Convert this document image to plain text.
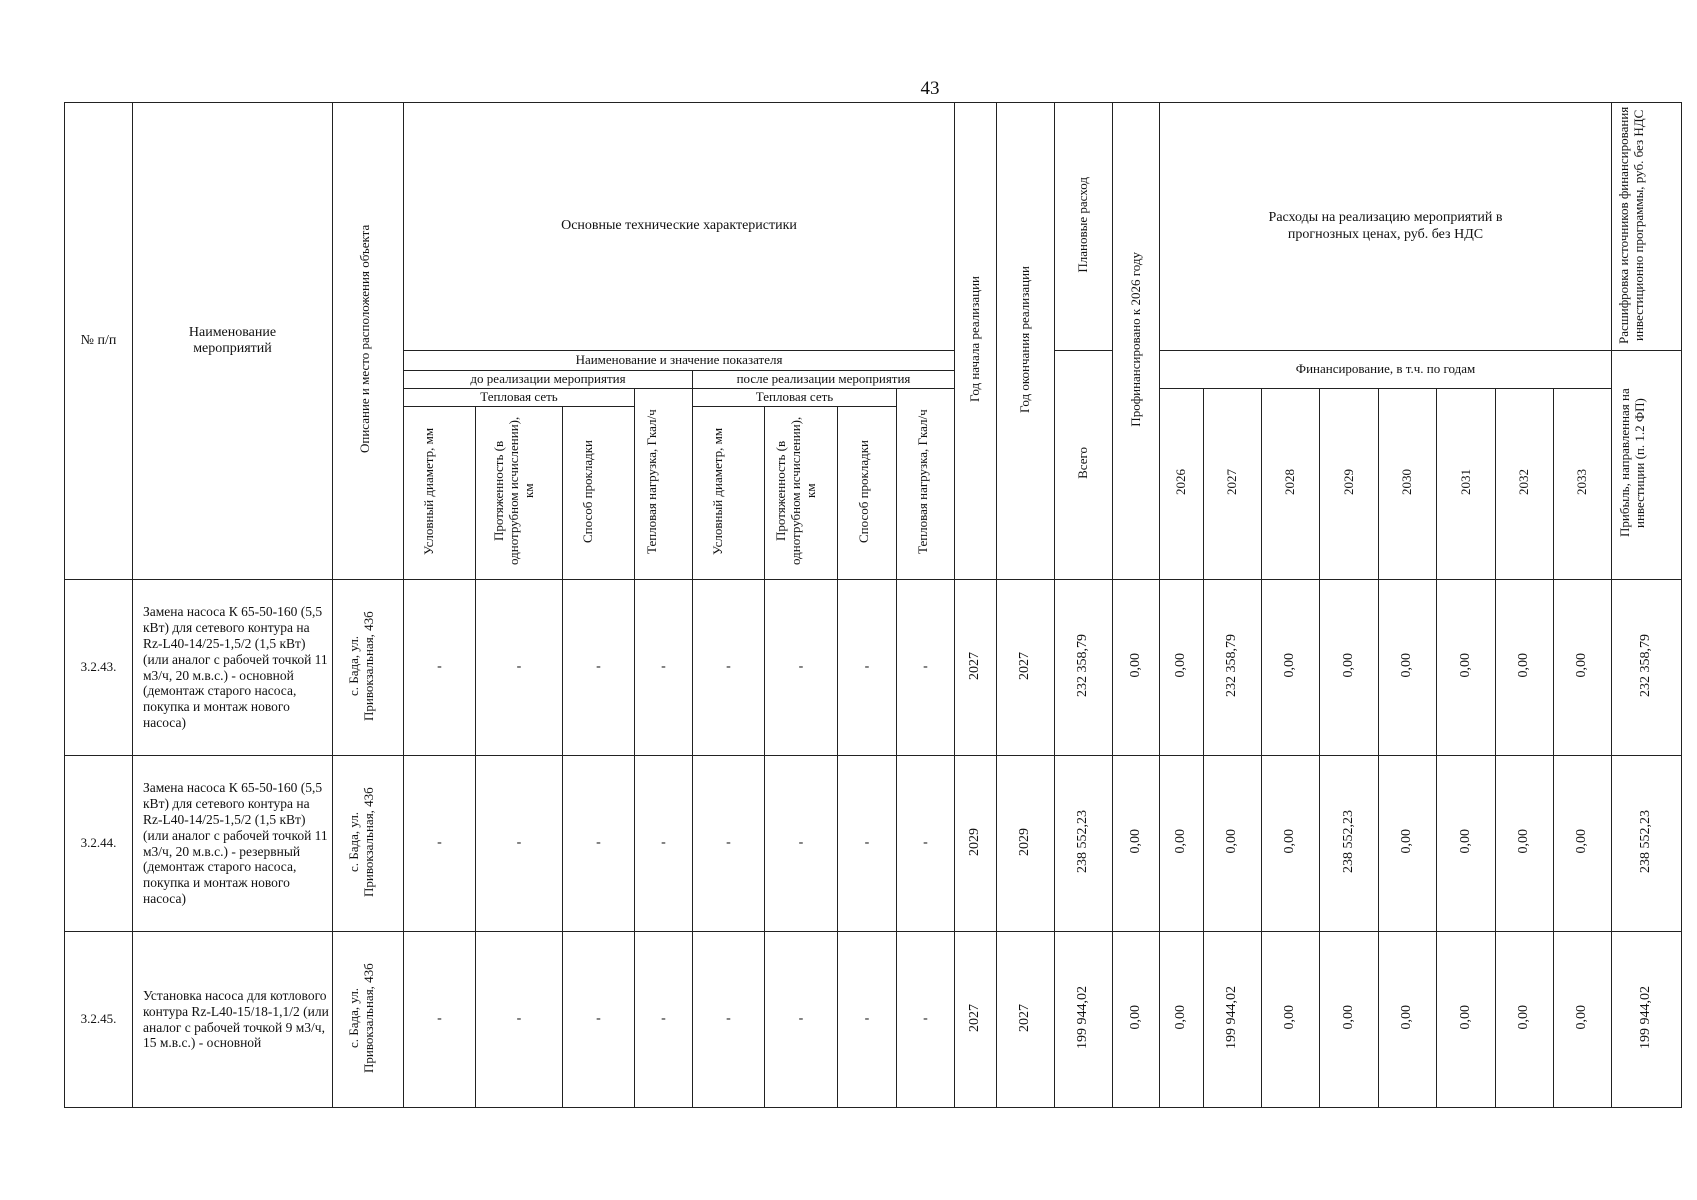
43
№ п/п	Наименование мероприятий	Описание и место расположения объекта	Основные технические характеристики								Год начала реализации	Год окончания реализации	Плановые расход	Профинансировано к 2026 году	Расходы на реализацию мероприятий в прогнозных ценах, руб. без НДС								Расшифровка источников финансирования инвестиционно программы, руб. без НДС
			Наименование и значение показателя										Всего		Финансирование, в т.ч. по годам								Прибыль, направленная на инвестиции (п. 1.2 ФП)
			до реализации мероприятия				после реализации мероприятия																
			Тепловая сеть			Тепловая нагрузка, Гкал/ч	Тепловая сеть			Тепловая нагрузка, Гкал/ч					2026	2027	2028	2029	2030	2031	2032	2033	
			Условный диаметр, мм	Протяженность (в однотрубном исчислении), км	Способ прокладки		Условный диаметр, мм	Протяженность (в однотрубном исчислении), км	Способ прокладки														
3.2.43.	Замена насоса К 65-50-160 (5,5 кВт) для сетевого контура на Rz-L40-14/25-1,5/2 (1,5 кВт) (или аналог с рабочей точкой 11 м3/ч, 20 м.в.с.) - основной (демонтаж старого насоса, покупка и монтаж нового насоса)	с. Бада, ул. Привокзальная, 43б	-	-	-	-	-	-	-	-	2027	2027	232 358,79	0,00	0,00	232 358,79	0,00	0,00	0,00	0,00	0,00	0,00	232 358,79
3.2.44.	Замена насоса К 65-50-160 (5,5 кВт) для сетевого контура на Rz-L40-14/25-1,5/2 (1,5 кВт) (или аналог с рабочей точкой 11 м3/ч, 20 м.в.с.) - резервный (демонтаж старого насоса, покупка и монтаж нового насоса)	с. Бада, ул. Привокзальная, 43б	-	-	-	-	-	-	-	-	2029	2029	238 552,23	0,00	0,00	0,00	0,00	238 552,23	0,00	0,00	0,00	0,00	238 552,23
3.2.45.	Установка насоса для котлового контура Rz-L40-15/18-1,1/2 (или аналог с рабочей точкой 9 м3/ч, 15 м.в.с.) - основной	с. Бада, ул. Привокзальная, 43б	-	-	-	-	-	-	-	-	2027	2027	199 944,02	0,00	0,00	199 944,02	0,00	0,00	0,00	0,00	0,00	0,00	199 944,02
